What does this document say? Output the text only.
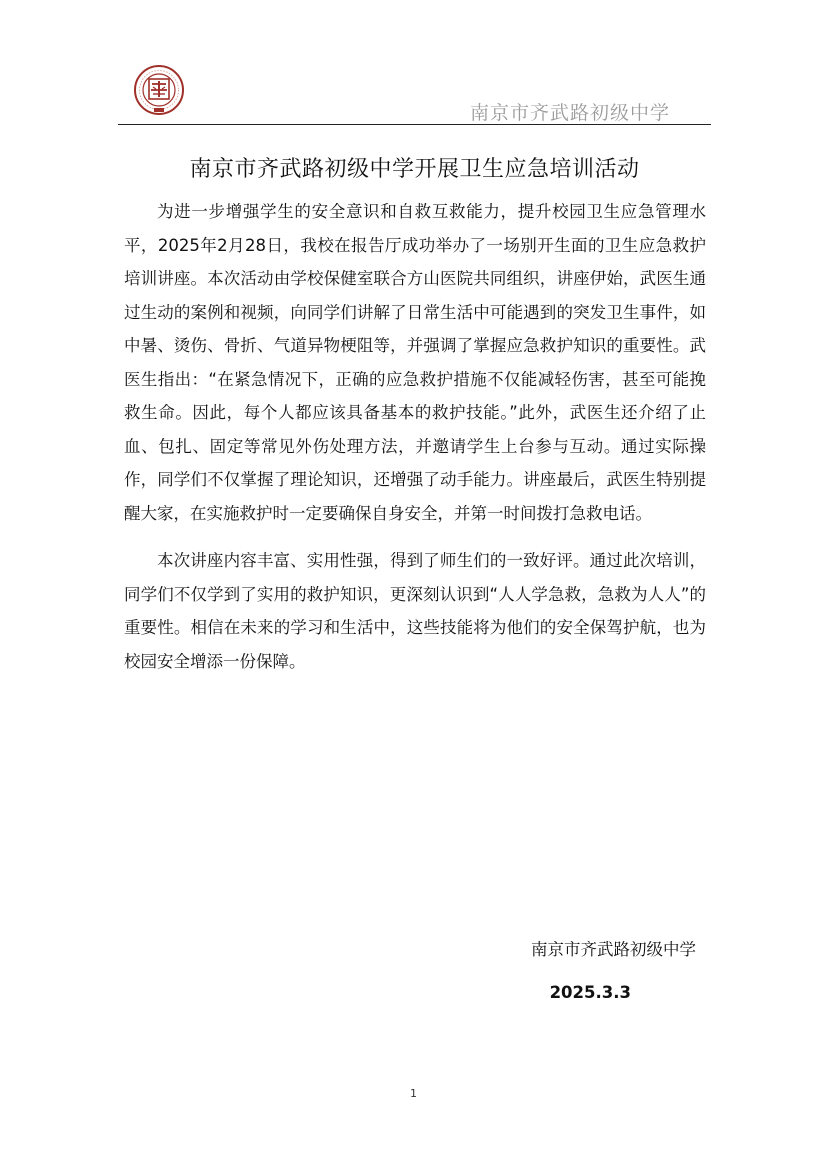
南京市齐武路初级中学
南京市齐武路初级中学开展卫生应急培训活动

为进一步增强学生的安全意识和自救互救能力，提升校园卫生应急管理水平，2025年2月28日，我校在报告厅成功举办了一场别开生面的卫生应急救护培训讲座。本次活动由学校保健室联合方山医院共同组织，讲座伊始，武医生通过生动的案例和视频，向同学们讲解了日常生活中可能遇到的突发卫生事件，如中暑、烫伤、骨折、气道异物梗阻等，并强调了掌握应急救护知识的重要性。武医生指出：“在紧急情况下，正确的应急救护措施不仅能减轻伤害，甚至可能挽救生命。因此，每个人都应该具备基本的救护技能。”此外，武医生还介绍了止血、包扎、固定等常见外伤处理方法，并邀请学生上台参与互动。通过实际操作，同学们不仅掌握了理论知识，还增强了动手能力。讲座最后，武医生特别提醒大家，在实施救护时一定要确保自身安全，并第一时间拨打急救电话。

本次讲座内容丰富、实用性强，得到了师生们的一致好评。通过此次培训，同学们不仅学到了实用的救护知识，更深刻认识到“人人学急救，急救为人人”的重要性。相信在未来的学习和生活中，这些技能将为他们的安全保驾护航，也为校园安全增添一份保障。

南京市齐武路初级中学
2025.3.3
1
